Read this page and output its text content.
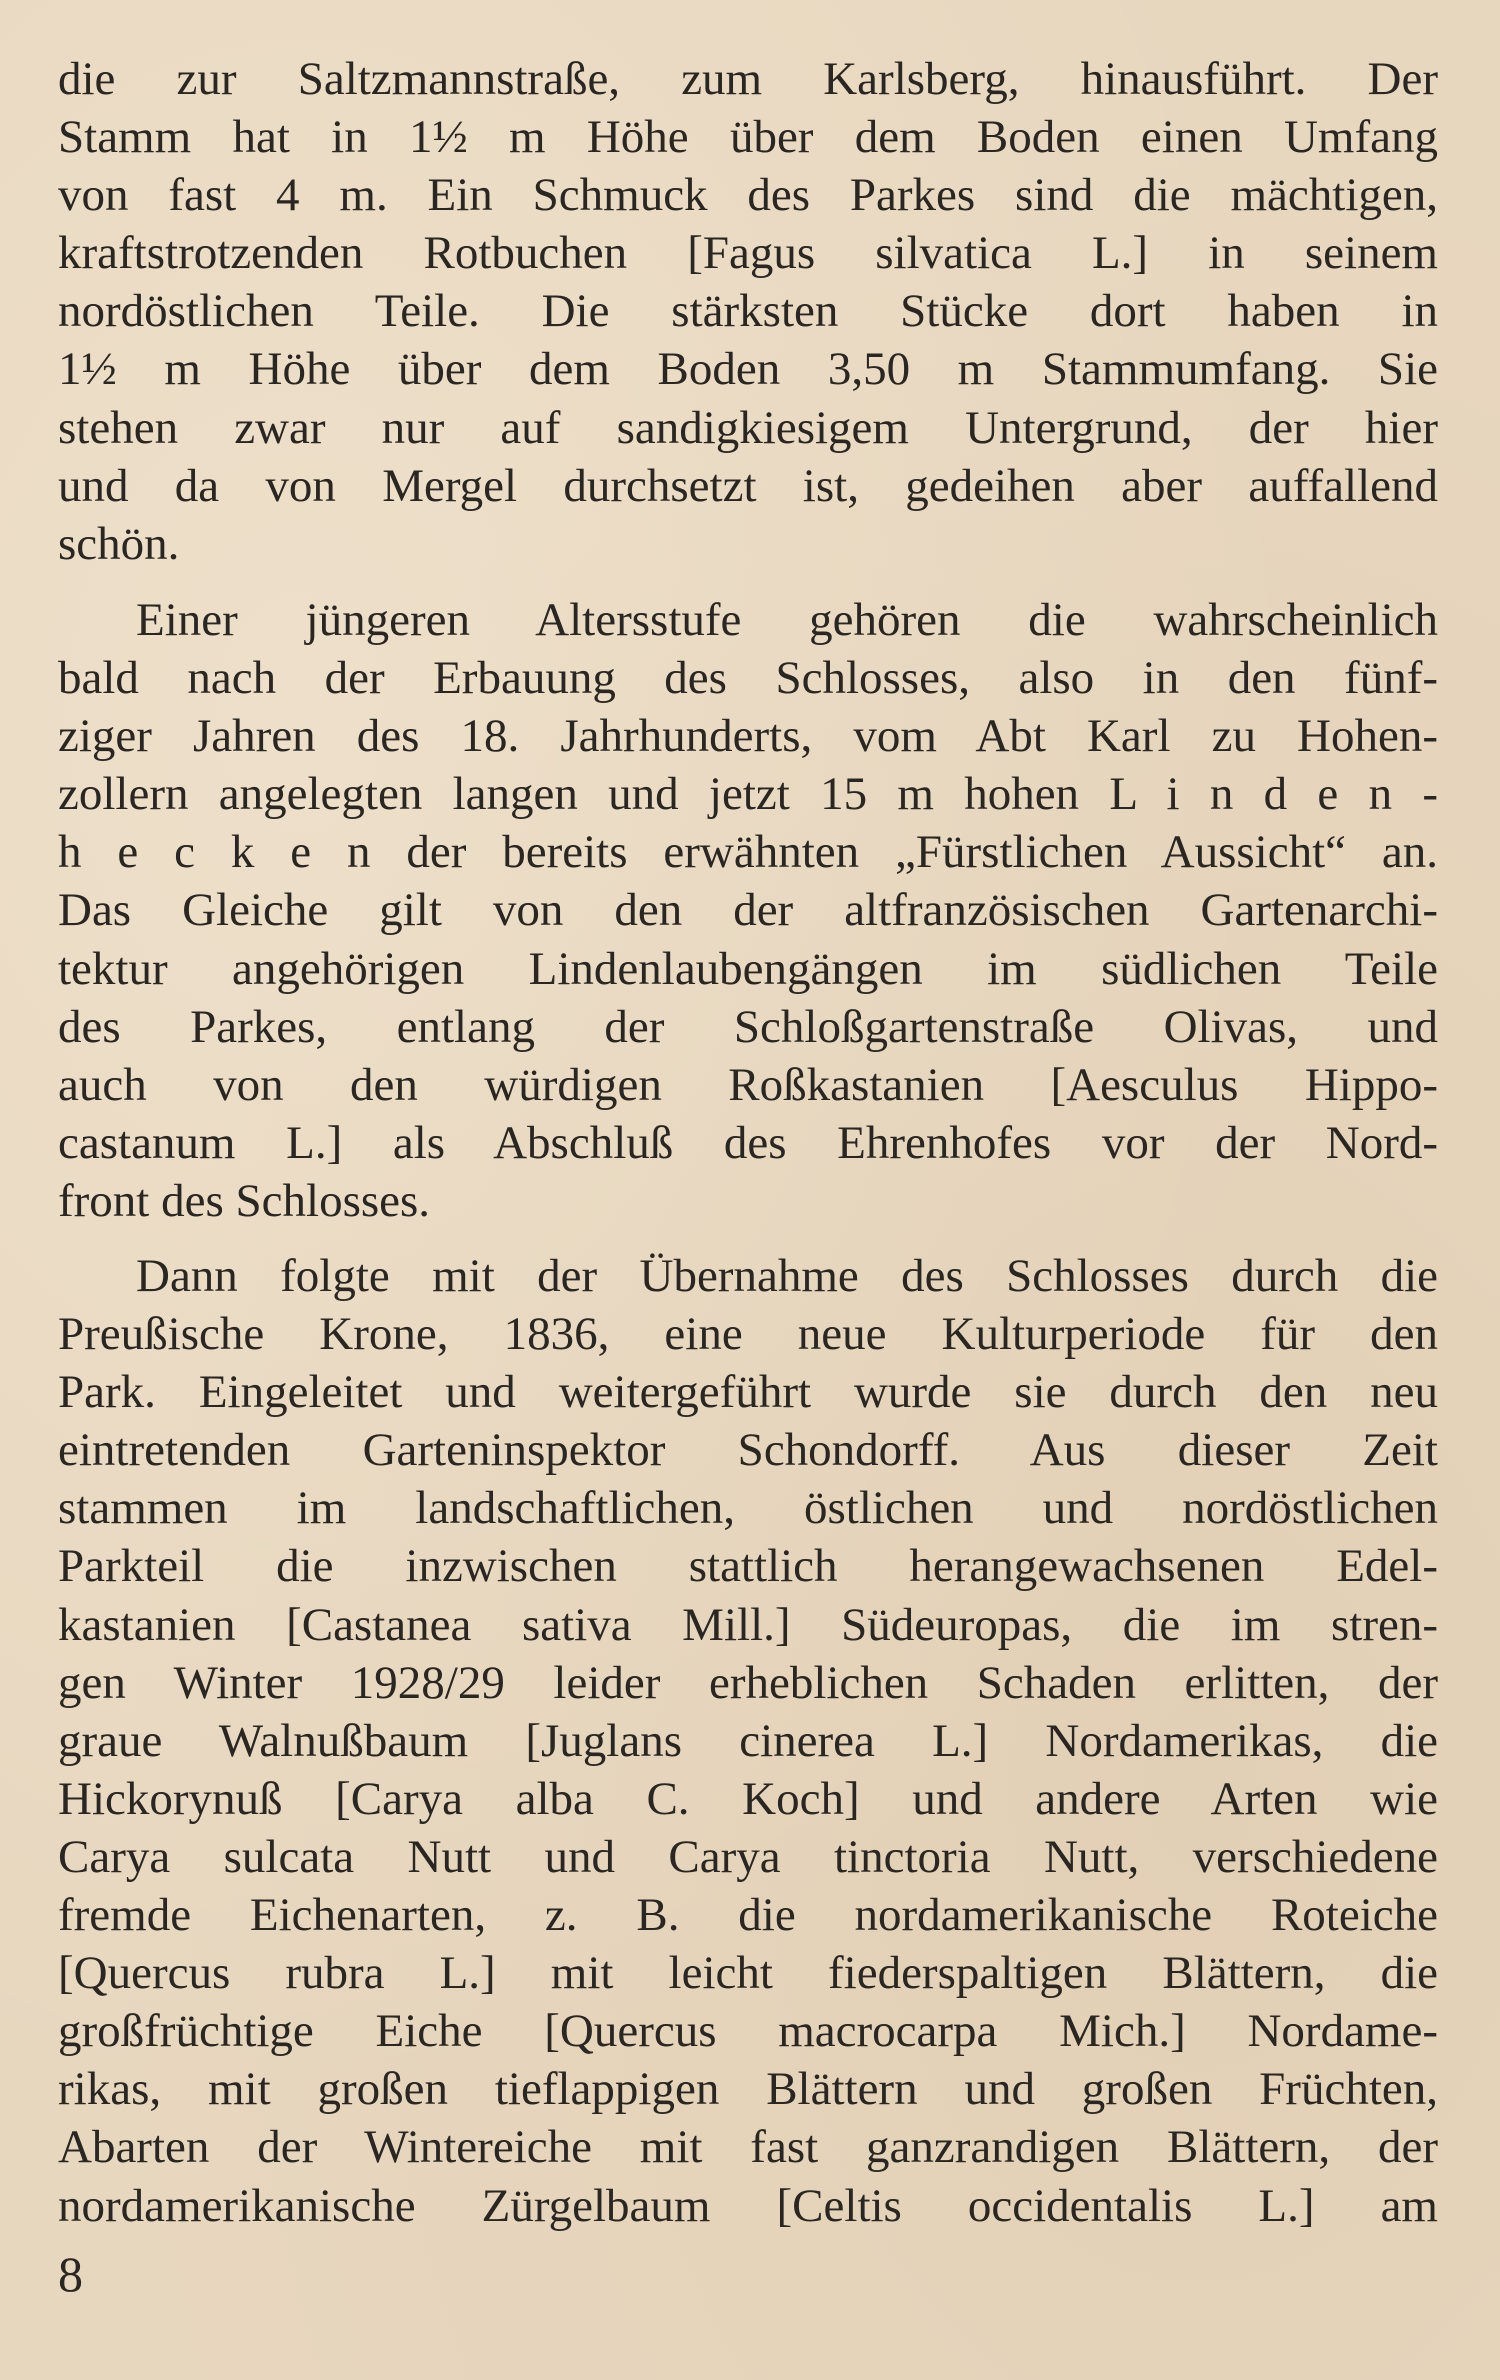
die zur Saltzmannstraße, zum Karlsberg, hinausführt. Der
Stamm hat in 1½ m Höhe über dem Boden einen Umfang
von fast 4 m. Ein Schmuck des Parkes sind die mächtigen,
kraftstrotzenden Rotbuchen [Fagus silvatica L.] in seinem
nordöstlichen Teile. Die stärksten Stücke dort haben in
1½ m Höhe über dem Boden 3,50 m Stammumfang. Sie
stehen zwar nur auf sandigkiesigem Untergrund, der hier
und da von Mergel durchsetzt ist, gedeihen aber auffallend
schön.
Einer jüngeren Altersstufe gehören die wahrscheinlich
bald nach der Erbauung des Schlosses, also in den fünf-
ziger Jahren des 18. Jahrhunderts, vom Abt Karl zu Hohen-
zollern angelegten langen und jetzt 15 m hohen L i n d e n -
h e c k e n der bereits erwähnten „Fürstlichen Aussicht“ an.
Das Gleiche gilt von den der altfranzösischen Gartenarchi-
tektur angehörigen Lindenlaubengängen im südlichen Teile
des Parkes, entlang der Schloßgartenstraße Olivas, und
auch von den würdigen Roßkastanien [Aesculus Hippo-
castanum L.] als Abschluß des Ehrenhofes vor der Nord-
front des Schlosses.
Dann folgte mit der Übernahme des Schlosses durch die
Preußische Krone, 1836, eine neue Kulturperiode für den
Park. Eingeleitet und weitergeführt wurde sie durch den neu
eintretenden Garteninspektor Schondorff. Aus dieser Zeit
stammen im landschaftlichen, östlichen und nordöstlichen
Parkteil die inzwischen stattlich herangewachsenen Edel-
kastanien [Castanea sativa Mill.] Südeuropas, die im stren-
gen Winter 1928/29 leider erheblichen Schaden erlitten, der
graue Walnußbaum [Juglans cinerea L.] Nordamerikas, die
Hickorynuß [Carya alba C. Koch] und andere Arten wie
Carya sulcata Nutt und Carya tinctoria Nutt, verschiedene
fremde Eichenarten, z. B. die nordamerikanische Roteiche
[Quercus rubra L.] mit leicht fiederspaltigen Blättern, die
großfrüchtige Eiche [Quercus macrocarpa Mich.] Nordame-
rikas, mit großen tieflappigen Blättern und großen Früchten,
Abarten der Wintereiche mit fast ganzrandigen Blättern, der
nordamerikanische Zürgelbaum [Celtis occidentalis L.] am
8
